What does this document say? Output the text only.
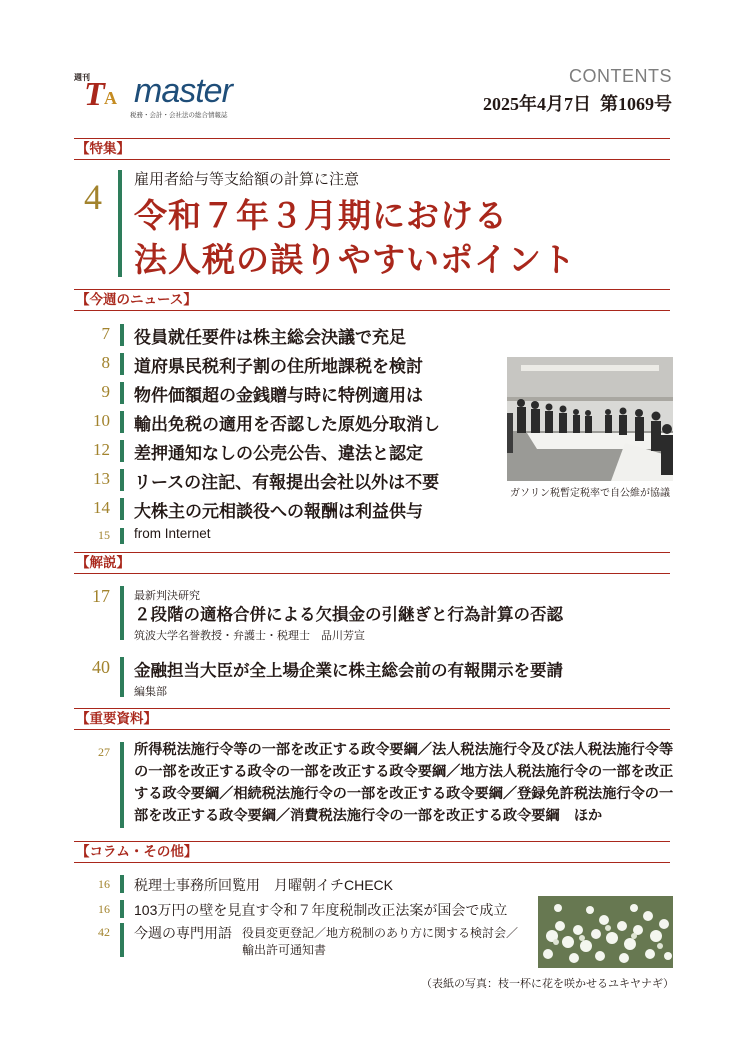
週刊
T A master
税務・会計・会社法の総合情報誌
CONTENTS
2025年4月7日 第1069号
【特集】
4 雇用者給与等支給額の計算に注意
令和７年３月期における
法人税の誤りやすいポイント
【今週のニュース】
7 役員就任要件は株主総会決議で充足
8 道府県民税利子割の住所地課税を検討
9 物件価額超の金銭贈与時に特例適用は
10 輸出免税の適用を否認した原処分取消し
12 差押通知なしの公売公告、違法と認定
13 リースの注記、有報提出会社以外は不要
14 大株主の元相談役への報酬は利益供与
15 from Internet
ガソリン税暫定税率で自公維が協議
【解説】
17 最新判決研究
２段階の適格合併による欠損金の引継ぎと行為計算の否認
筑波大学名誉教授・弁護士・税理士　品川芳宣
40 金融担当大臣が全上場企業に株主総会前の有報開示を要請
編集部
【重要資料】
27 所得税法施行令等の一部を改正する政令要綱／法人税法施行令及び法人税法施行令等の一部を改正する政令の一部を改正する政令要綱／地方法人税法施行令の一部を改正する政令要綱／相続税法施行令の一部を改正する政令要綱／登録免許税法施行令の一部を改正する政令要綱／消費税法施行令の一部を改正する政令要綱　ほか
【コラム・その他】
16 税理士事務所回覧用　月曜朝イチCHECK
16 103万円の壁を見直す令和７年度税制改正法案が国会で成立
42 今週の専門用語 役員変更登記／地方税制のあり方に関する検討会／
輸出許可通知書
（表紙の写真：枝一杯に花を咲かせるユキヤナギ）
